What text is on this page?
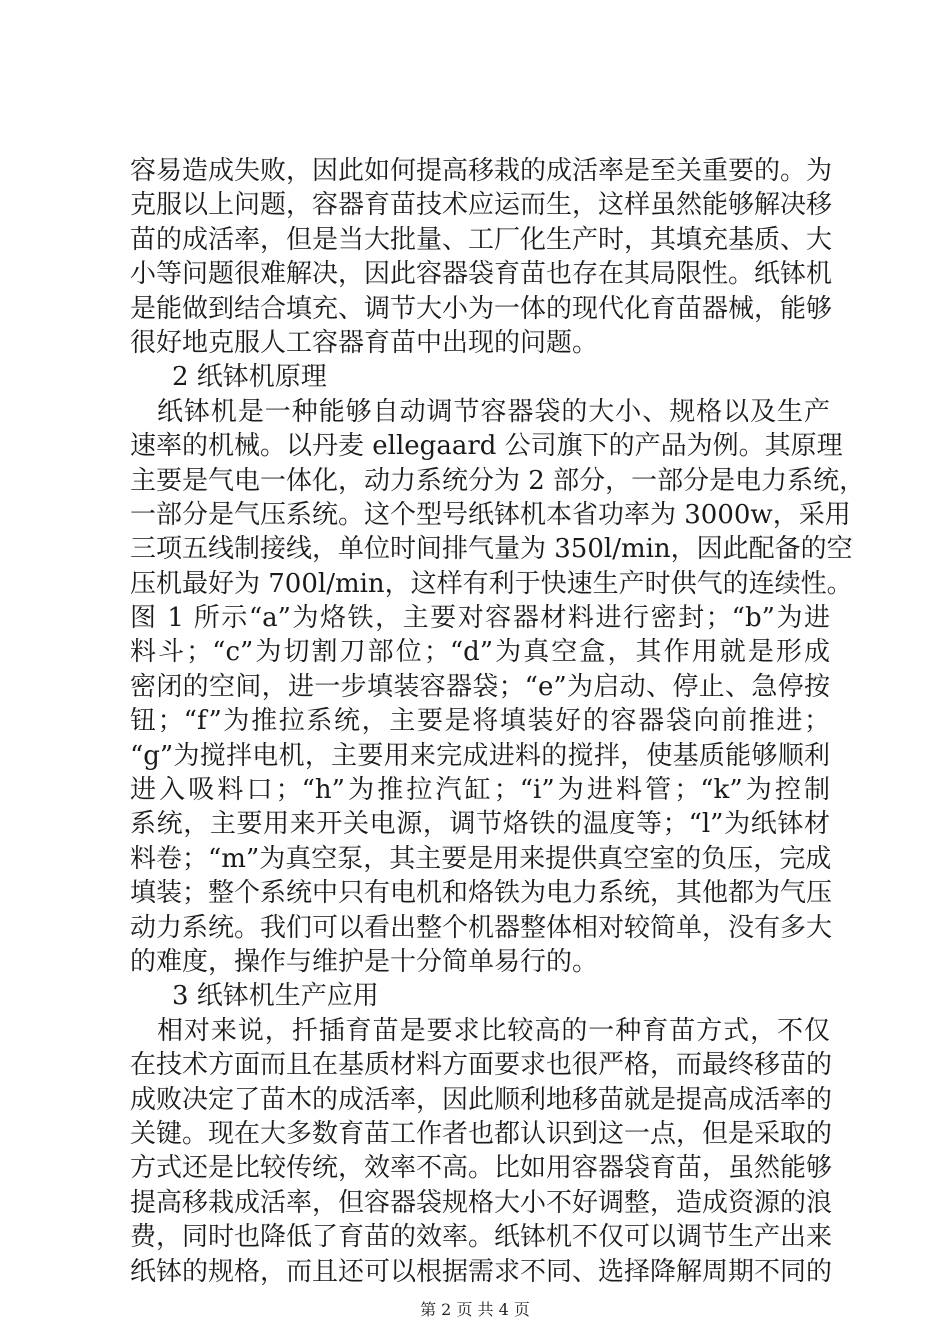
容易造成失败，因此如何提高移栽的成活率是至关重要的。为
克服以上问题，容器育苗技术应运而生，这样虽然能够解决移
苗的成活率，但是当大批量、工厂化生产时，其填充基质、大
小等问题很难解决，因此容器袋育苗也存在其局限性。纸钵机
是能做到结合填充、调节大小为一体的现代化育苗器械，能够
很好地克服人工容器育苗中出现的问题。
2 纸钵机原理
　纸钵机是一种能够自动调节容器袋的大小、规格以及生产
速率的机械。以丹麦 ellegaard 公司旗下的产品为例。其原理
主要是气电一体化，动力系统分为 2 部分，一部分是电力系统，
一部分是气压系统。这个型号纸钵机本省功率为 3000w，采用
三项五线制接线，单位时间排气量为 350l/min，因此配备的空
压机最好为 700l/min，这样有利于快速生产时供气的连续性。
图 1 所示“a”为烙铁，主要对容器材料进行密封；“b”为进
料斗；“c”为切割刀部位；“d”为真空盒，其作用就是形成
密闭的空间，进一步填装容器袋；“e”为启动、停止、急停按
钮；“f”为推拉系统，主要是将填装好的容器袋向前推进；
“g”为搅拌电机，主要用来完成进料的搅拌，使基质能够顺利
进入吸料口；“h”为推拉汽缸；“i”为进料管；“k”为控制
系统，主要用来开关电源，调节烙铁的温度等；“l”为纸钵材
料卷；“m”为真空泵，其主要是用来提供真空室的负压，完成
填装；整个系统中只有电机和烙铁为电力系统，其他都为气压
动力系统。我们可以看出整个机器整体相对较简单，没有多大
的难度，操作与维护是十分简单易行的。
3 纸钵机生产应用
　相对来说，扦插育苗是要求比较高的一种育苗方式，不仅
在技术方面而且在基质材料方面要求也很严格，而最终移苗的
成败决定了苗木的成活率，因此顺利地移苗就是提高成活率的
关键。现在大多数育苗工作者也都认识到这一点，但是采取的
方式还是比较传统，效率不高。比如用容器袋育苗，虽然能够
提高移栽成活率，但容器袋规格大小不好调整，造成资源的浪
费，同时也降低了育苗的效率。纸钵机不仅可以调节生产出来
纸钵的规格，而且还可以根据需求不同、选择降解周期不同的
第 2 页 共 4 页
